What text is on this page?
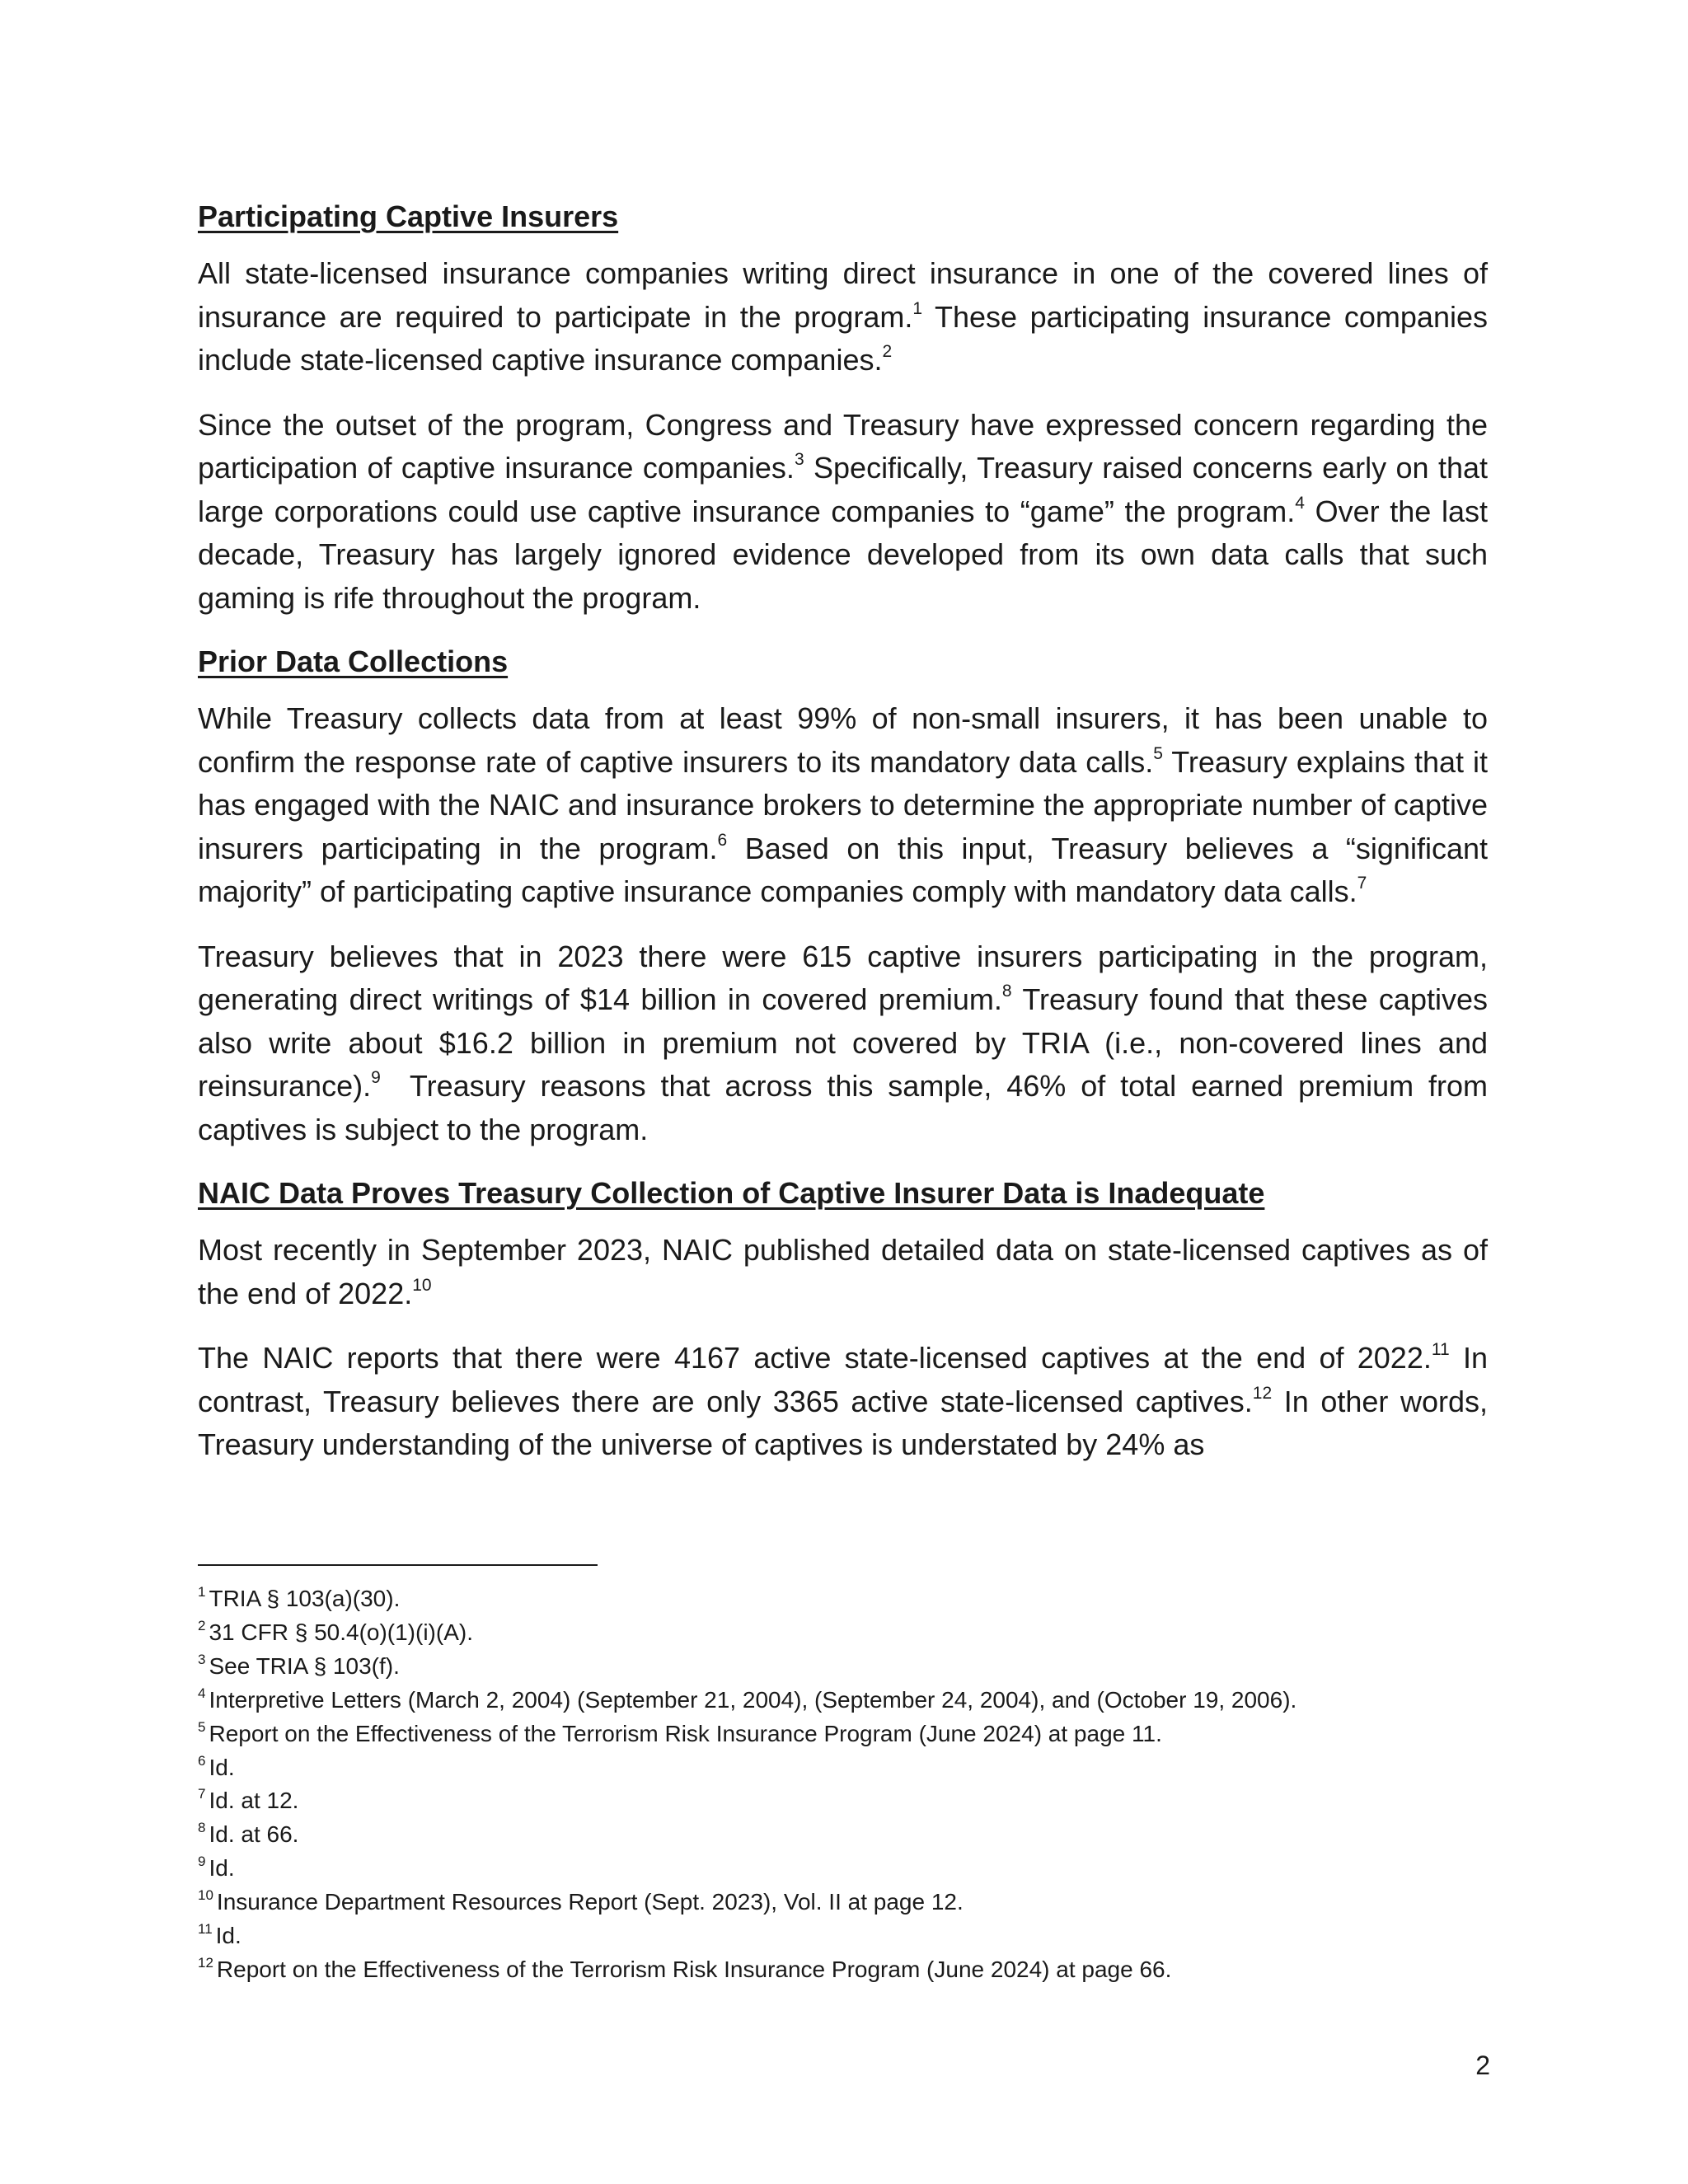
Participating Captive Insurers

All state-licensed insurance companies writing direct insurance in one of the covered lines of insurance are required to participate in the program.$^1$ These participating insurance companies include state-licensed captive insurance companies.$^2$

Since the outset of the program, Congress and Treasury have expressed concern regarding the participation of captive insurance companies.$^3$ Specifically, Treasury raised concerns early on that large corporations could use captive insurance companies to “game” the program.$^4$ Over the last decade, Treasury has largely ignored evidence developed from its own data calls that such gaming is rife throughout the program.

Prior Data Collections

While Treasury collects data from at least 99% of non-small insurers, it has been unable to confirm the response rate of captive insurers to its mandatory data calls.$^5$ Treasury explains that it has engaged with the NAIC and insurance brokers to determine the appropriate number of captive insurers participating in the program.$^6$ Based on this input, Treasury believes a “significant majority” of participating captive insurance companies comply with mandatory data calls.$^7$

Treasury believes that in 2023 there were 615 captive insurers participating in the program, generating direct writings of $14 billion in covered premium.$^8$ Treasury found that these captives also write about $16.2 billion in premium not covered by TRIA (i.e., non-covered lines and reinsurance).$^9$  Treasury reasons that across this sample, 46% of total earned premium from captives is subject to the program.

NAIC Data Proves Treasury Collection of Captive Insurer Data is Inadequate

Most recently in September 2023, NAIC published detailed data on state-licensed captives as of the end of 2022.10

The NAIC reports that there were 4167 active state-licensed captives at the end of 2022.11 In contrast, Treasury believes there are only 3365 active state-licensed captives.$^{12}$ In other words, Treasury understanding of the universe of captives is understated by 24% as

$^1$ TRIA § 103(a)(30).

$^2$ 31 CFR § 50.4(o)(1)(i)(A).

$^3$ See TRIA § 103(f).

$^4$ Interpretive Letters (March 2, 2004) (September 21, 2004), (September 24, 2004), and (October 19, 2006).

$^5$ Report on the Effectiveness of the Terrorism Risk Insurance Program (June 2024) at page 11.

$^6$ Id.

$^7$ Id. at 12.

$^8$ Id. at 66.

$^9$ Id.

$^{10}$ Insurance Department Resources Report (Sept. 2023), Vol. II at page 12.

$^{11}$ Id.

$^{12}$ Report on the Effectiveness of the Terrorism Risk Insurance Program (June 2024) at page 66.

2
